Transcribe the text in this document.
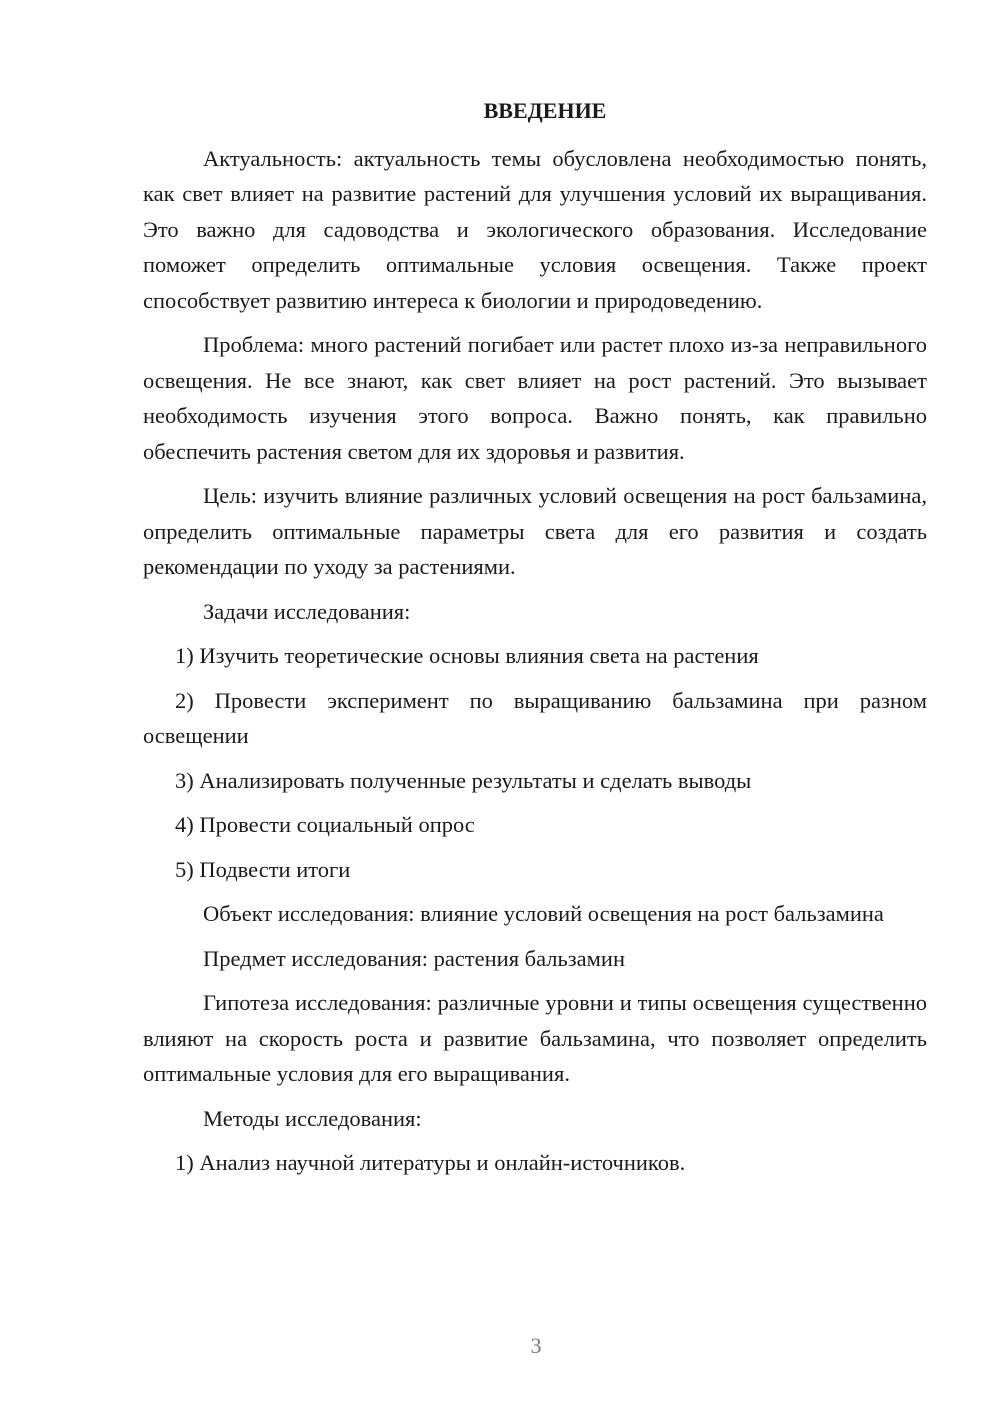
ВВЕДЕНИЕ

Актуальность: актуальность темы обусловлена необходимостью понять, как свет влияет на развитие растений для улучшения условий их выращивания. Это важно для садоводства и экологического образования. Исследование поможет определить оптимальные условия освещения. Также проект способствует развитию интереса к биологии и природоведению.

Проблема: много растений погибает или растет плохо из-за неправильного освещения. Не все знают, как свет влияет на рост растений. Это вызывает необходимость изучения этого вопроса. Важно понять, как правильно обеспечить растения светом для их здоровья и развития.

Цель: изучить влияние различных условий освещения на рост бальзамина, определить оптимальные параметры света для его развития и создать рекомендации по уходу за растениями.

Задачи исследования:

1) Изучить теоретические основы влияния света на растения

2) Провести эксперимент по выращиванию бальзамина при разном освещении

3) Анализировать полученные результаты и сделать выводы

4) Провести социальный опрос

5) Подвести итоги

Объект исследования: влияние условий освещения на рост бальзамина

Предмет исследования: растения бальзамин

Гипотеза исследования: различные уровни и типы освещения существенно влияют на скорость роста и развитие бальзамина, что позволяет определить оптимальные условия для его выращивания.

Методы исследования:

1) Анализ научной литературы и онлайн-источников.

3
